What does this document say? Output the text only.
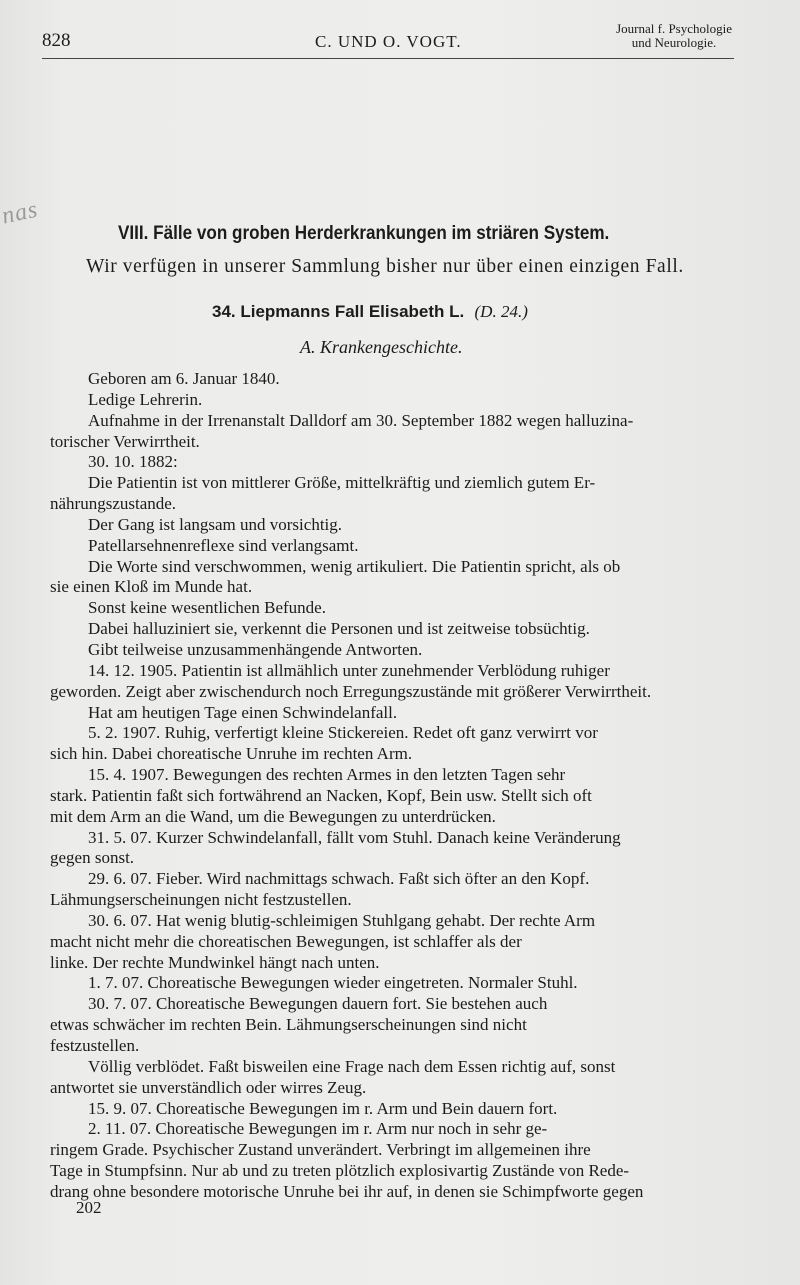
828	C. UND O. VOGT.
Journal f. Psychologie
und Neurologie.
nas
VIII. Fälle von groben Herderkrankungen im striären System.
Wir verfügen in unserer Sammlung bisher nur über einen einzigen Fall.
34. Liepmanns Fall Elisabeth L. (D. 24.)
A. Krankengeschichte.
Geboren am 6. Januar 1840.
Ledige Lehrerin.
Aufnahme in der Irrenanstalt Dalldorf am 30. September 1882 wegen halluzina-
torischer Verwirrtheit.
30. 10. 1882:
Die Patientin ist von mittlerer Größe, mittelkräftig und ziemlich gutem Er-
nährungszustande.
Der Gang ist langsam und vorsichtig.
Patellarsehnenreflexe sind verlangsamt.
Die Worte sind verschwommen, wenig artikuliert. Die Patientin spricht, als ob
sie einen Kloß im Munde hat.
Sonst keine wesentlichen Befunde.
Dabei halluziniert sie, verkennt die Personen und ist zeitweise tobsüchtig.
Gibt teilweise unzusammenhängende Antworten.
14. 12. 1905. Patientin ist allmählich unter zunehmender Verblödung ruhiger
geworden. Zeigt aber zwischendurch noch Erregungszustände mit größerer Verwirrtheit.
Hat am heutigen Tage einen Schwindelanfall.
5. 2. 1907. Ruhig, verfertigt kleine Stickereien. Redet oft ganz verwirrt vor
sich hin. Dabei choreatische Unruhe im rechten Arm.
15. 4. 1907. Bewegungen des rechten Armes in den letzten Tagen sehr
stark. Patientin faßt sich fortwährend an Nacken, Kopf, Bein usw. Stellt sich oft
mit dem Arm an die Wand, um die Bewegungen zu unterdrücken.
31. 5. 07. Kurzer Schwindelanfall, fällt vom Stuhl. Danach keine Veränderung
gegen sonst.
29. 6. 07. Fieber. Wird nachmittags schwach. Faßt sich öfter an den Kopf.
Lähmungserscheinungen nicht festzustellen.
30. 6. 07. Hat wenig blutig-schleimigen Stuhlgang gehabt. Der rechte Arm
macht nicht mehr die choreatischen Bewegungen, ist schlaffer als der
linke. Der rechte Mundwinkel hängt nach unten.
1. 7. 07. Choreatische Bewegungen wieder eingetreten. Normaler Stuhl.
30. 7. 07. Choreatische Bewegungen dauern fort. Sie bestehen auch
etwas schwächer im rechten Bein. Lähmungserscheinungen sind nicht
festzustellen.
Völlig verblödet. Faßt bisweilen eine Frage nach dem Essen richtig auf, sonst
antwortet sie unverständlich oder wirres Zeug.
15. 9. 07. Choreatische Bewegungen im r. Arm und Bein dauern fort.
2. 11. 07. Choreatische Bewegungen im r. Arm nur noch in sehr ge-
ringem Grade. Psychischer Zustand unverändert. Verbringt im allgemeinen ihre
Tage in Stumpfsinn. Nur ab und zu treten plötzlich explosivartig Zustände von Rede-
drang ohne besondere motorische Unruhe bei ihr auf, in denen sie Schimpfworte gegen
202
